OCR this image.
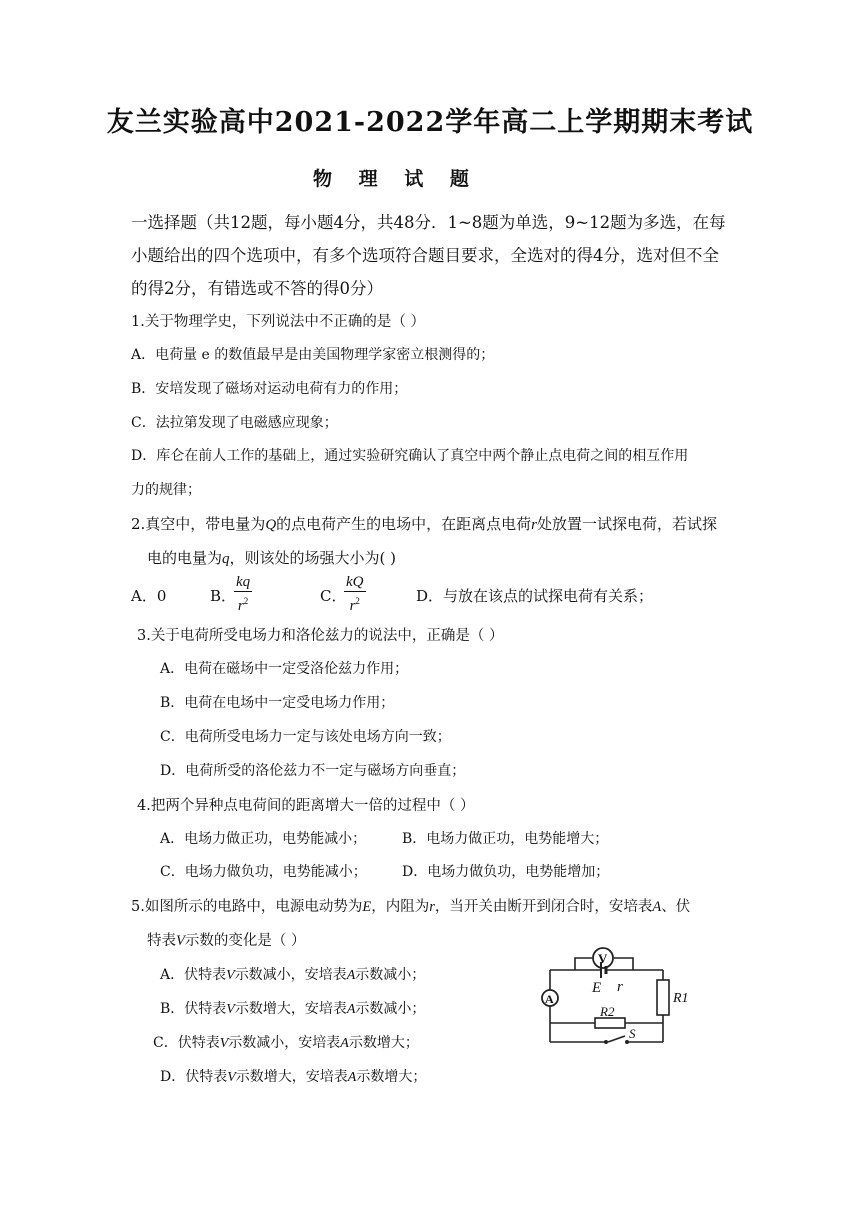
友兰实验高中2021-2022学年高二上学期期末考试
物 理 试 题
一选择题（共12题，每小题4分，共48分．1~8题为单选，9~12题为多选，在每小题给出的四个选项中，有多个选项符合题目要求，全选对的得4分，选对但不全的得2分，有错选或不答的得0分）
1.关于物理学史，下列说法中不正确的是（ ）
A．电荷量 e 的数值最早是由美国物理学家密立根测得的；
B．安培发现了磁场对运动电荷有力的作用；
C．法拉第发现了电磁感应现象；
D．库仑在前人工作的基础上，通过实验研究确认了真空中两个静止点电荷之间的相互作用
力的规律；
2.真空中，带电量为Q的点电荷产生的电场中，在距离点电荷r处放置一试探电荷，若试探
电的电量为q，则该处的场强大小为( )
A．0	B．
$\frac{kq}{r^2}$	C．
$\frac{kQ}{r^2}$	D．与放在该点的试探电荷有关系；
3.关于电荷所受电场力和洛伦兹力的说法中，正确是（ ）
A．电荷在磁场中一定受洛伦兹力作用；
B．电荷在电场中一定受电场力作用；
C．电荷所受电场力一定与该处电场方向一致；
D．电荷所受的洛伦兹力不一定与磁场方向垂直；
4.把两个异种点电荷间的距离增大一倍的过程中（ ）
A．电场力做正功，电势能减小；	B．电场力做正功，电势能增大；
C．电场力做负功，电势能减小；	D．电场力做负功，电势能增加；
5.如图所示的电路中，电源电动势为E，内阻为r，当开关由断开到闭合时，安培表A、伏
特表V示数的变化是（ ）
A．伏特表V示数减小，安培表A示数减小；
B．伏特表V示数增大，安培表A示数减小；
C．伏特表V示数减小，安培表A示数增大；
D．伏特表V示数增大，安培表A示数增大；
V
A
E r
R1
R2
S
